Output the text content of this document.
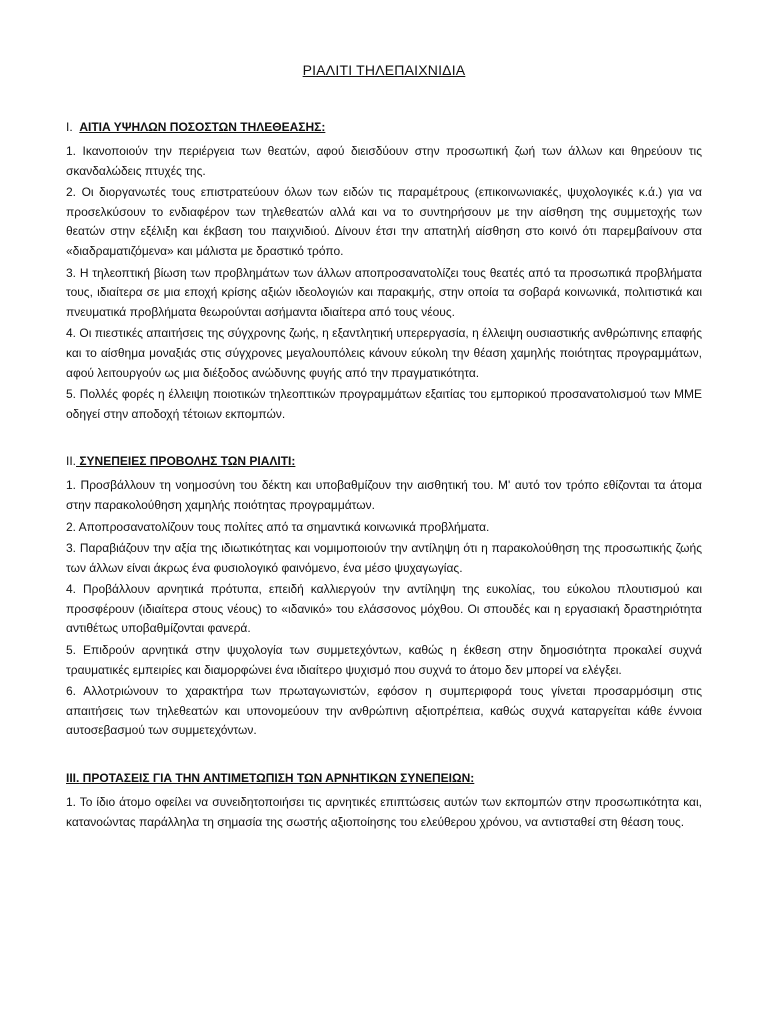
ΡΙΑΛΙΤΙ ΤΗΛΕΠΑΙΧΝΙΔΙΑ
I. ΑΙΤΙΑ ΥΨΗΛΩΝ ΠΟΣΟΣΤΩΝ ΤΗΛΕΘΕΑΣΗΣ:

1. Ικανοποιούν την περιέργεια των θεατών, αφού διεισδύουν στην προσωπική ζωή των άλλων και θηρεύουν τις σκανδαλώδεις πτυχές της.

2. Οι διοργανωτές τους επιστρατεύουν όλων των ειδών τις παραμέτρους (επικοινωνιακές, ψυχολογικές κ.ά.) για να προσελκύσουν το ενδιαφέρον των τηλεθεατών αλλά και να το συντηρήσουν με την αίσθηση της συμμετοχής των θεατών στην εξέλιξη και έκβαση του παιχνιδιού. Δίνουν έτσι την απατηλή αίσθηση στο κοινό ότι παρεμβαίνουν στα «διαδραματιζόμενα» και μάλιστα με δραστικό τρόπο.

3. Η τηλεοπτική βίωση των προβλημάτων των άλλων αποπροσανατολίζει τους θεατές από τα προσωπικά προβλήματα τους, ιδιαίτερα σε μια εποχή κρίσης αξιών ιδεολογιών και παρακμής, στην οποία τα σοβαρά κοινωνικά, πολιτιστικά και πνευματικά προβλήματα θεωρούνται ασήμαντα ιδιαίτερα από τους νέους.

4. Οι πιεστικές απαιτήσεις της σύγχρονης ζωής, η εξαντλητική υπερεργασία, η έλλειψη ουσιαστικής ανθρώπινης επαφής και το αίσθημα μοναξιάς στις σύγχρονες μεγαλουπόλεις κάνουν εύκολη την θέαση χαμηλής ποιότητας προγραμμάτων, αφού λειτουργούν ως μια διέξοδος ανώδυνης φυγής από την πραγματικότητα.

5. Πολλές φορές η έλλειψη ποιοτικών τηλεοπτικών προγραμμάτων εξαιτίας του εμπορικού προσανατολισμού των ΜΜΕ οδηγεί στην αποδοχή τέτοιων εκπομπών.

II. ΣΥΝΕΠΕΙΕΣ ΠΡΟΒΟΛΗΣ ΤΩΝ ΡΙΑΛΙΤΙ:

1. Προσβάλλουν τη νοημοσύνη του δέκτη και υποβαθμίζουν την αισθητική του. Μ' αυτό τον τρόπο εθίζονται τα άτομα στην παρακολούθηση χαμηλής ποιότητας προγραμμάτων.

2. Αποπροσανατολίζουν τους πολίτες από τα σημαντικά κοινωνικά προβλήματα.

3. Παραβιάζουν την αξία της ιδιωτικότητας και νομιμοποιούν την αντίληψη ότι η παρακολούθηση της προσωπικής ζωής των άλλων είναι άκρως ένα φυσιολογικό φαινόμενο, ένα μέσο ψυχαγωγίας.

4. Προβάλλουν αρνητικά πρότυπα, επειδή καλλιεργούν την αντίληψη της ευκολίας, του εύκολου πλουτισμού και προσφέρουν (ιδιαίτερα στους νέους) το «ιδανικό» του ελάσσονος μόχθου. Οι σπουδές και η εργασιακή δραστηριότητα αντιθέτως υποβαθμίζονται φανερά.

5. Επιδρούν αρνητικά στην ψυχολογία των συμμετεχόντων, καθώς η έκθεση στην δημοσιότητα προκαλεί συχνά τραυματικές εμπειρίες και διαμορφώνει ένα ιδιαίτερο ψυχισμό που συχνά το άτομο δεν μπορεί να ελέγξει.

6. Αλλοτριώνουν το χαρακτήρα των πρωταγωνιστών, εφόσον η συμπεριφορά τους γίνεται προσαρμόσιμη στις απαιτήσεις των τηλεθεατών και υπονομεύουν την ανθρώπινη αξιοπρέπεια, καθώς συχνά καταργείται κάθε έννοια αυτοσεβασμού των συμμετεχόντων.

III. ΠΡΟΤΑΣΕΙΣ ΓΙΑ ΤΗΝ ΑΝΤΙΜΕΤΩΠΙΣΗ ΤΩΝ ΑΡΝΗΤΙΚΩΝ ΣΥΝΕΠΕΙΩΝ:

1. Το ίδιο άτομο οφείλει να συνειδητοποιήσει τις αρνητικές επιπτώσεις αυτών των εκπομπών στην προσωπικότητα και, κατανοώντας παράλληλα τη σημασία της σωστής αξιοποίησης του ελεύθερου χρόνου, να αντισταθεί στη θέαση τους.
